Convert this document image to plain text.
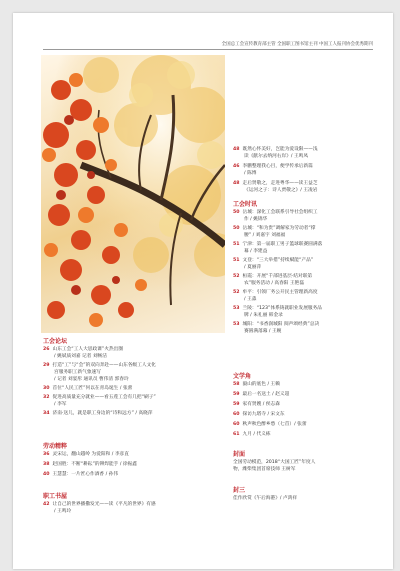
全国总工会宣传教育部主管 全国职工图书馆主刊 中国工人报刊协会优秀期刊
48 既然心怀美好，岂能为爱设限——浅
读《献尔去纳河右岸》/ 王鸣凤
46 李鹏整理我心目，便学传承后新篇
/ 陈博
48 走后贤敬之，走进粤华——读王益芝
《运河之子：诗人贾敬之》/ 王凌岩
工会时讯
50 岳城：深化工会联系引导社会组织工
作 / 姚锦华
50 岳城：“和为贵”调解家为劳动者“撑
腰” / 刘嘉宇 刘福福
51 宁津：第一届职工男子篮球联赛圆满落
幕 / 李建益
51 文登：“三大举措”持续赋能“产品”
/ 夏丽萍
52 桓霞：开展“千部进基层·结对联第
农”服务活动 / 高春阳 王艳磊
52 牟平：引领厂务公开民主管理新高度
/ 王淼
53 兰陵：“123”体系铸就职业发展服务品
牌 / 朱礼丽 韩金录
53 城阳：“书香润城阳 阅声颂经典”总决
赛圆满落幕 / 王婉
文学角
58 毅山的底色 / 王赖
59 最后一名送土 / 赵义超
59 家有贤嫂 / 侯志森
60 探访九塔寺 / 宋文东
60 秋声秋色醉乡愁（七首）/ 张蕾
61 九月 / 代义栋
封面
全国劳动模范，2018“大国工匠”年度人
物，潍柴集团首席技师 王树军
封三
佳作欣赏《午后海港》/ 卢鸿祥
工会论坛
26 山东工会“工人大思政课”火热出圈
/ 姚斌质刘嘉 记者 刘畅洁
29 打造“工”与“会”的双向奔赴——山东各级工人文化
宫服务职工新气象速写
/ 记者 刘宴彤 通讯员 曹伟清 郭春玲
30 首位“人民工匠”何以在青岛诞生 / 张蕾
32 促进高质量充分就业——看五莲工会有几把“刷子”
/ 李军
34 济南·送儿，就是职工身边的“诗和远方” / 高晓萍
劳动精粹
36 灵宋运，翻山越岭 为爱阳和 / 李彦直
38 赵国胜：不断“耕耘”的铆焊能手 / 徐振鑫
40 王慧慧：一片匠心作酒香 / 孙伟
职工书屋
42 让自己的世界播撒发光——读《平凡的世界》有感
/ 王鸣玲
